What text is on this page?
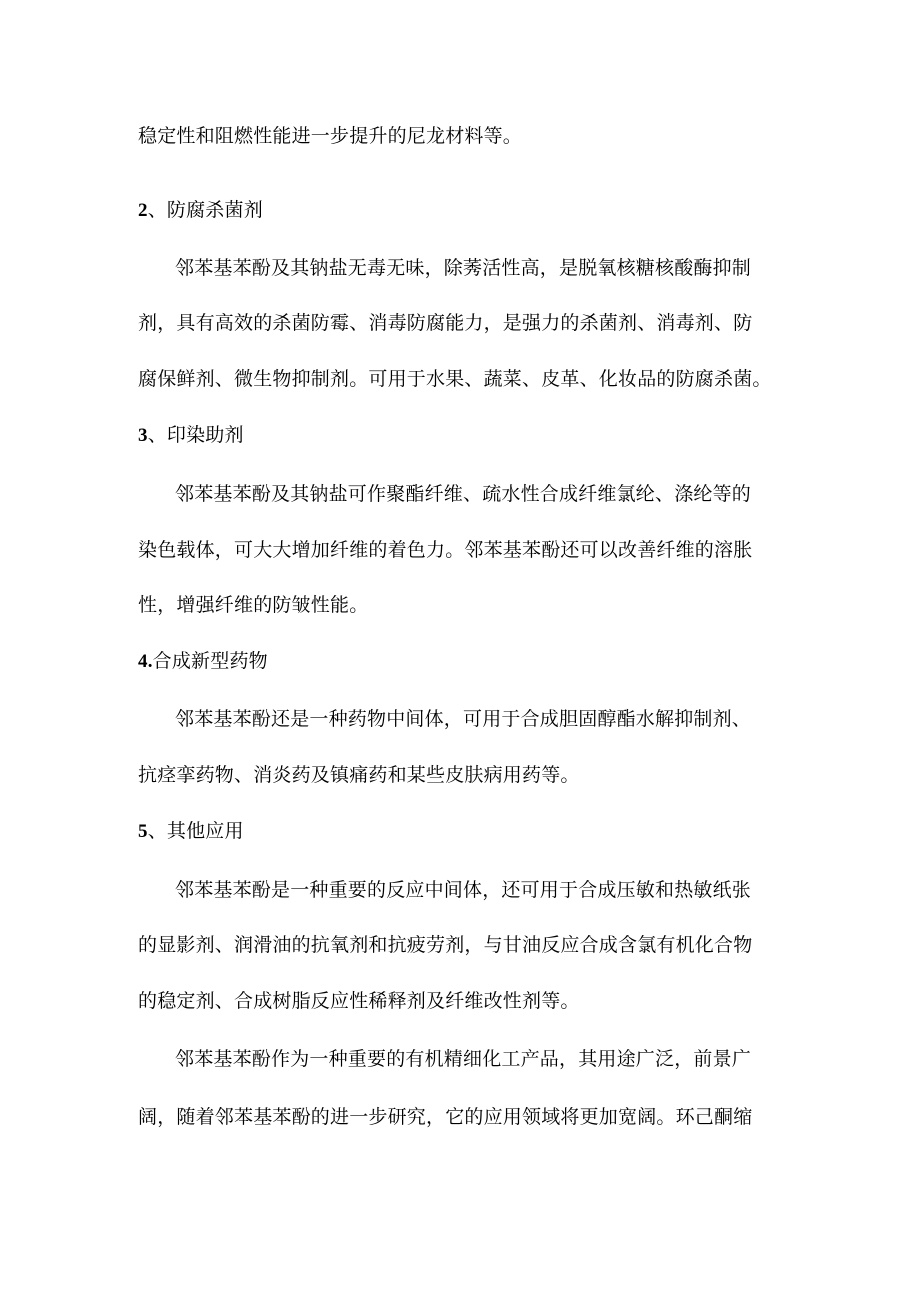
稳定性和阻燃性能进一步提升的尼龙材料等。
2、防腐杀菌剂
邻苯基苯酚及其钠盐无毒无味，除莠活性高，是脱氧核糖核酸酶抑制
剂，具有高效的杀菌防霉、消毒防腐能力，是强力的杀菌剂、消毒剂、防
腐保鲜剂、微生物抑制剂。可用于水果、蔬菜、皮革、化妆品的防腐杀菌。
3、印染助剂
邻苯基苯酚及其钠盐可作聚酯纤维、疏水性合成纤维氯纶、涤纶等的
染色载体，可大大增加纤维的着色力。邻苯基苯酚还可以改善纤维的溶胀
性，增强纤维的防皱性能。
4.合成新型药物
邻苯基苯酚还是一种药物中间体，可用于合成胆固醇酯水解抑制剂、
抗痉挛药物、消炎药及镇痛药和某些皮肤病用药等。
5、其他应用
邻苯基苯酚是一种重要的反应中间体，还可用于合成压敏和热敏纸张
的显影剂、润滑油的抗氧剂和抗疲劳剂，与甘油反应合成含氯有机化合物
的稳定剂、合成树脂反应性稀释剂及纤维改性剂等。
邻苯基苯酚作为一种重要的有机精细化工产品，其用途广泛，前景广
阔，随着邻苯基苯酚的进一步研究，它的应用领域将更加宽阔。环己酮缩
